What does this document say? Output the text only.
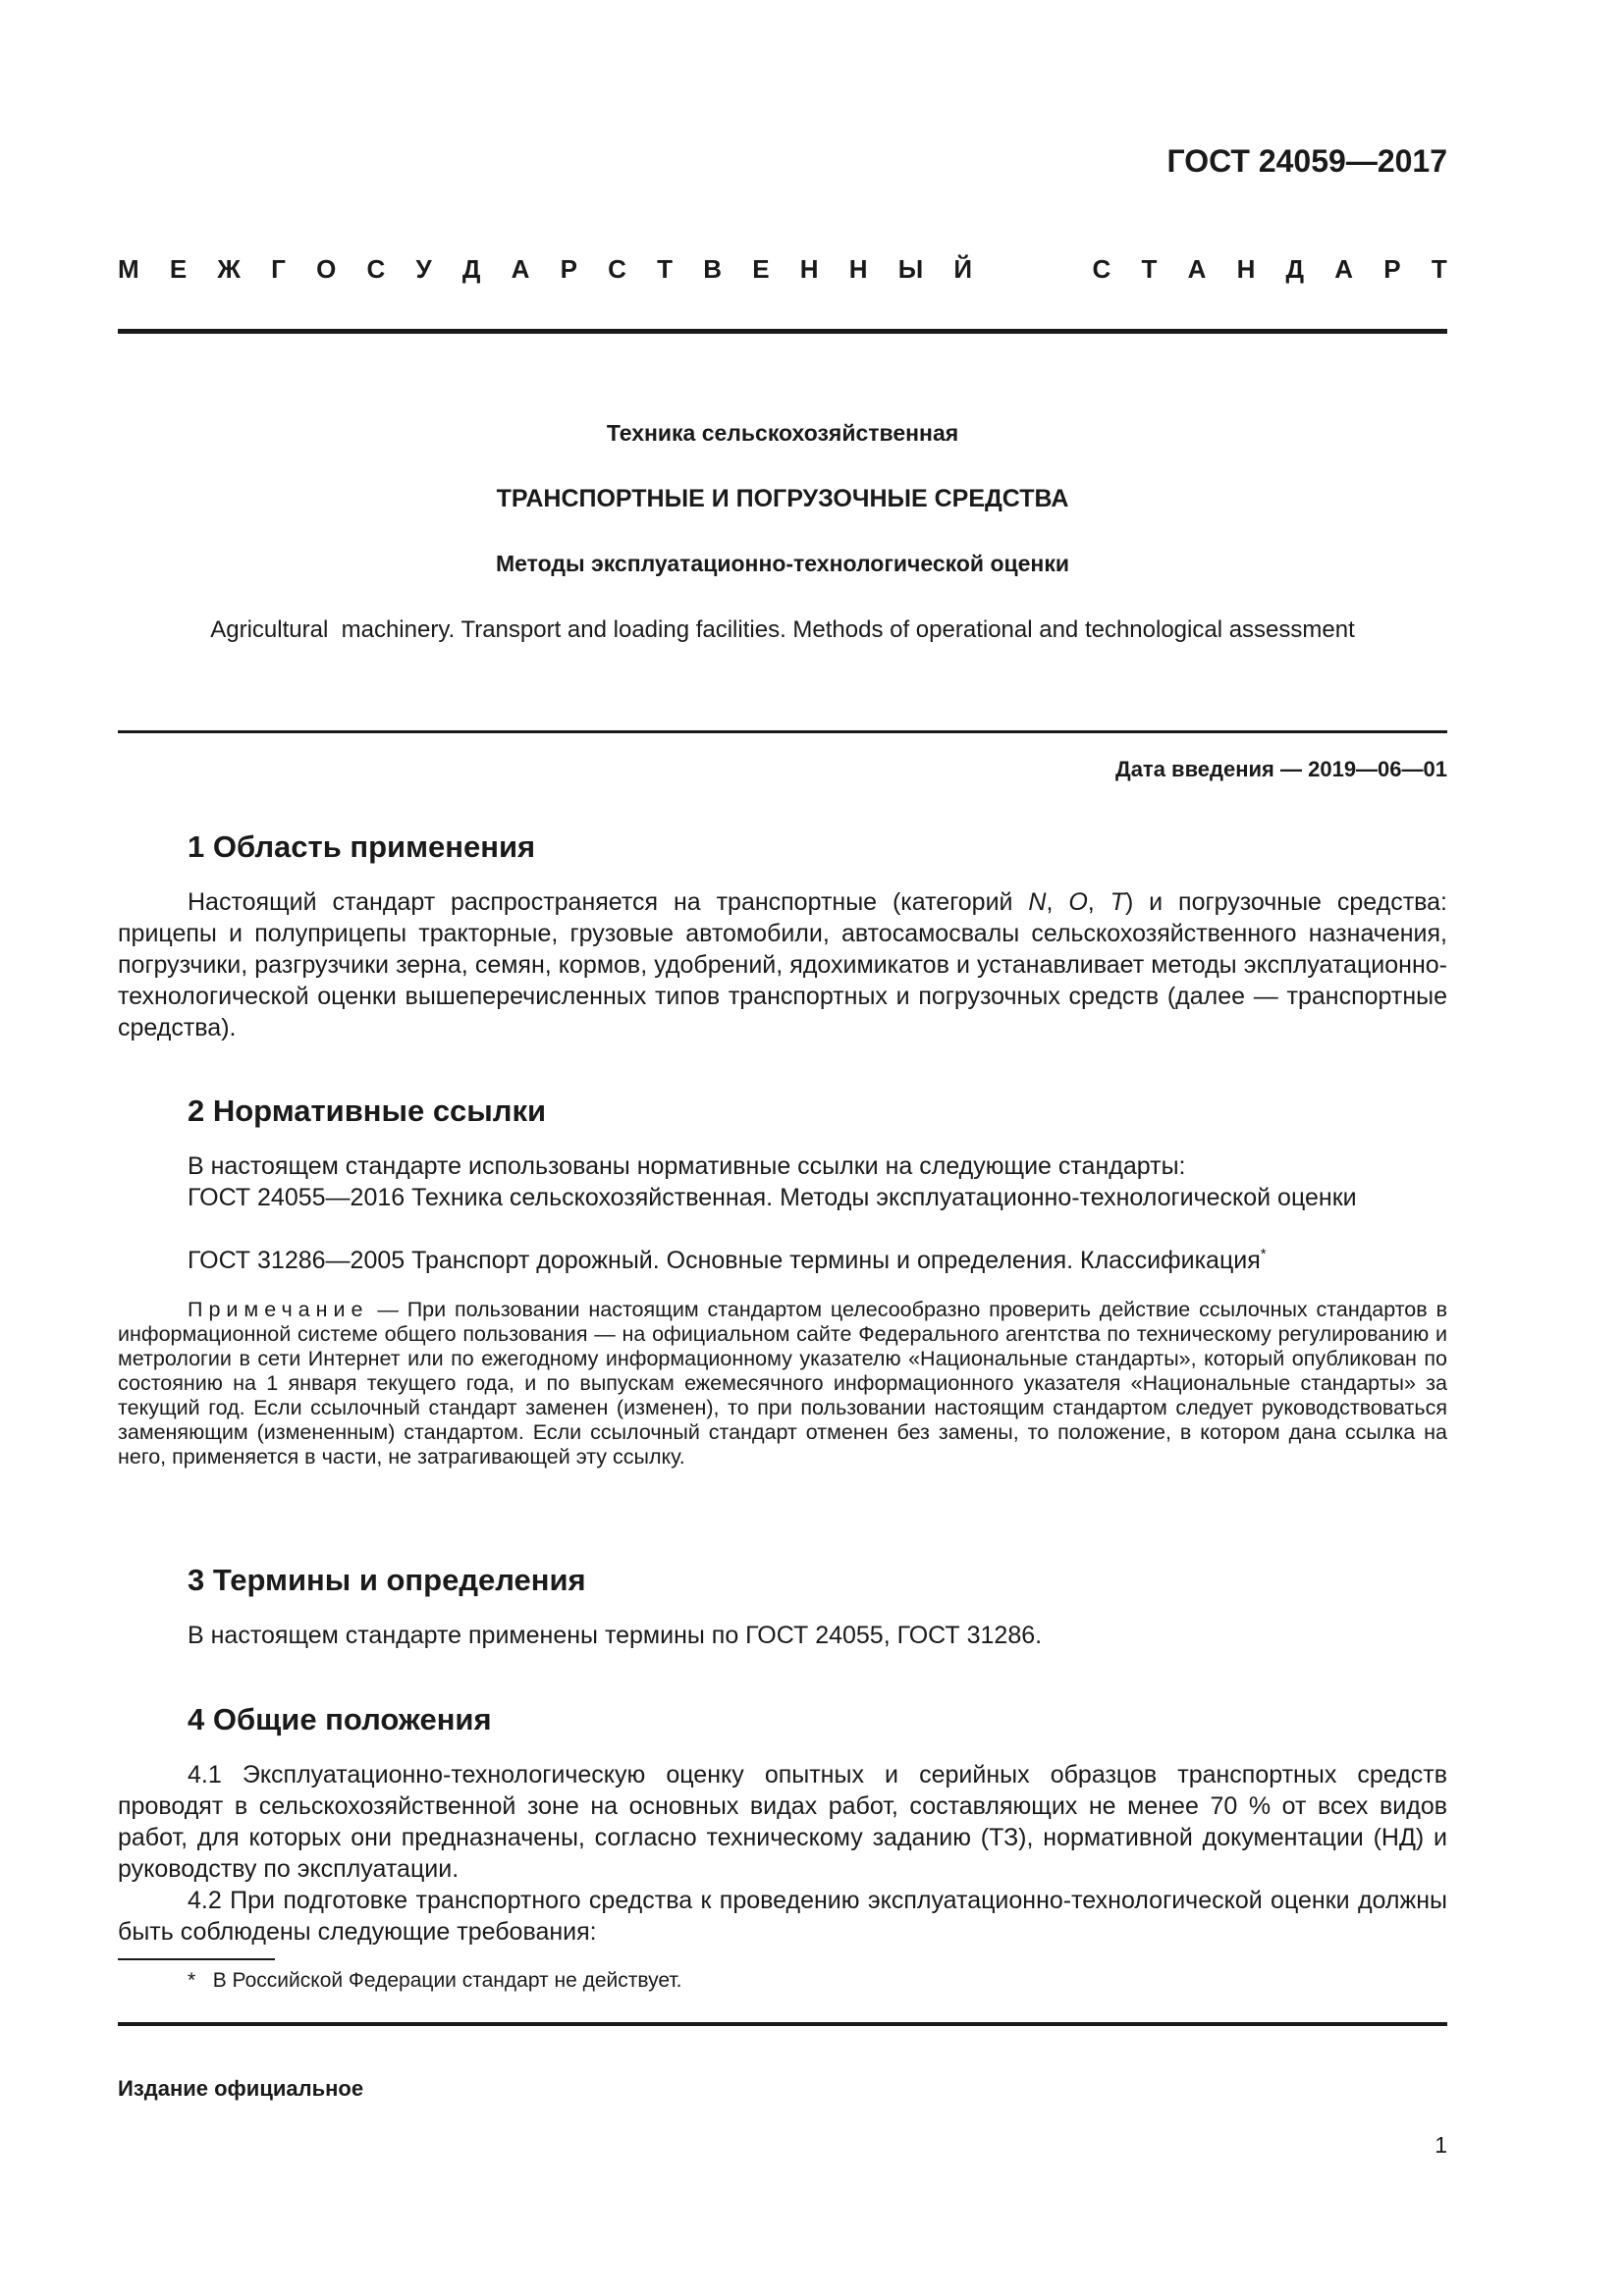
ГОСТ 24059—2017
М Е Ж Г О С У Д А Р С Т В Е Н Н Ы Й	С Т А Н Д А Р Т
Техника сельскохозяйственная
ТРАНСПОРТНЫЕ И ПОГРУЗОЧНЫЕ СРЕДСТВА
Методы эксплуатационно-технологической оценки
Agricultural  machinery. Transport and loading facilities. Methods of operational and technological assessment
Дата введения — 2019—06—01
1 Область применения
Настоящий стандарт распространяется на транспортные (категорий N, O, T) и погрузочные средства: прицепы и полуприцепы тракторные, грузовые автомобили, автосамосвалы сельскохозяйственного назначения, погрузчики, разгрузчики зерна, семян, кормов, удобрений, ядохимикатов и устанавливает методы эксплуатационно-технологической оценки вышеперечисленных типов транспортных и погрузочных средств (далее — транспортные средства).
2 Нормативные ссылки
В настоящем стандарте использованы нормативные ссылки на следующие стандарты:
ГОСТ 24055—2016 Техника сельскохозяйственная. Методы эксплуатационно-технологической оценки
ГОСТ 31286—2005 Транспорт дорожный. Основные термины и определения. Классификация*
Примечание — При пользовании настоящим стандартом целесообразно проверить действие ссылочных стандартов в информационной системе общего пользования — на официальном сайте Федерального агентства по техническому регулированию и метрологии в сети Интернет или по ежегодному информационному указателю «Национальные стандарты», который опубликован по состоянию на 1 января текущего года, и по выпускам ежемесячного информационного указателя «Национальные стандарты» за текущий год. Если ссылочный стандарт заменен (изменен), то при пользовании настоящим стандартом следует руководствоваться заменяющим (измененным) стандартом. Если ссылочный стандарт отменен без замены, то положение, в котором дана ссылка на него, применяется в части, не затрагивающей эту ссылку.
3 Термины и определения
В настоящем стандарте применены термины по ГОСТ 24055, ГОСТ 31286.
4 Общие положения
4.1 Эксплуатационно-технологическую оценку опытных и серийных образцов транспортных средств проводят в сельскохозяйственной зоне на основных видах работ, составляющих не менее 70 % от всех видов работ, для которых они предназначены, согласно техническому заданию (ТЗ), нормативной документации (НД) и руководству по эксплуатации.
4.2 При подготовке транспортного средства к проведению эксплуатационно-технологической оценки должны быть соблюдены следующие требования:
* В Российской Федерации стандарт не действует.
Издание официальное
1
